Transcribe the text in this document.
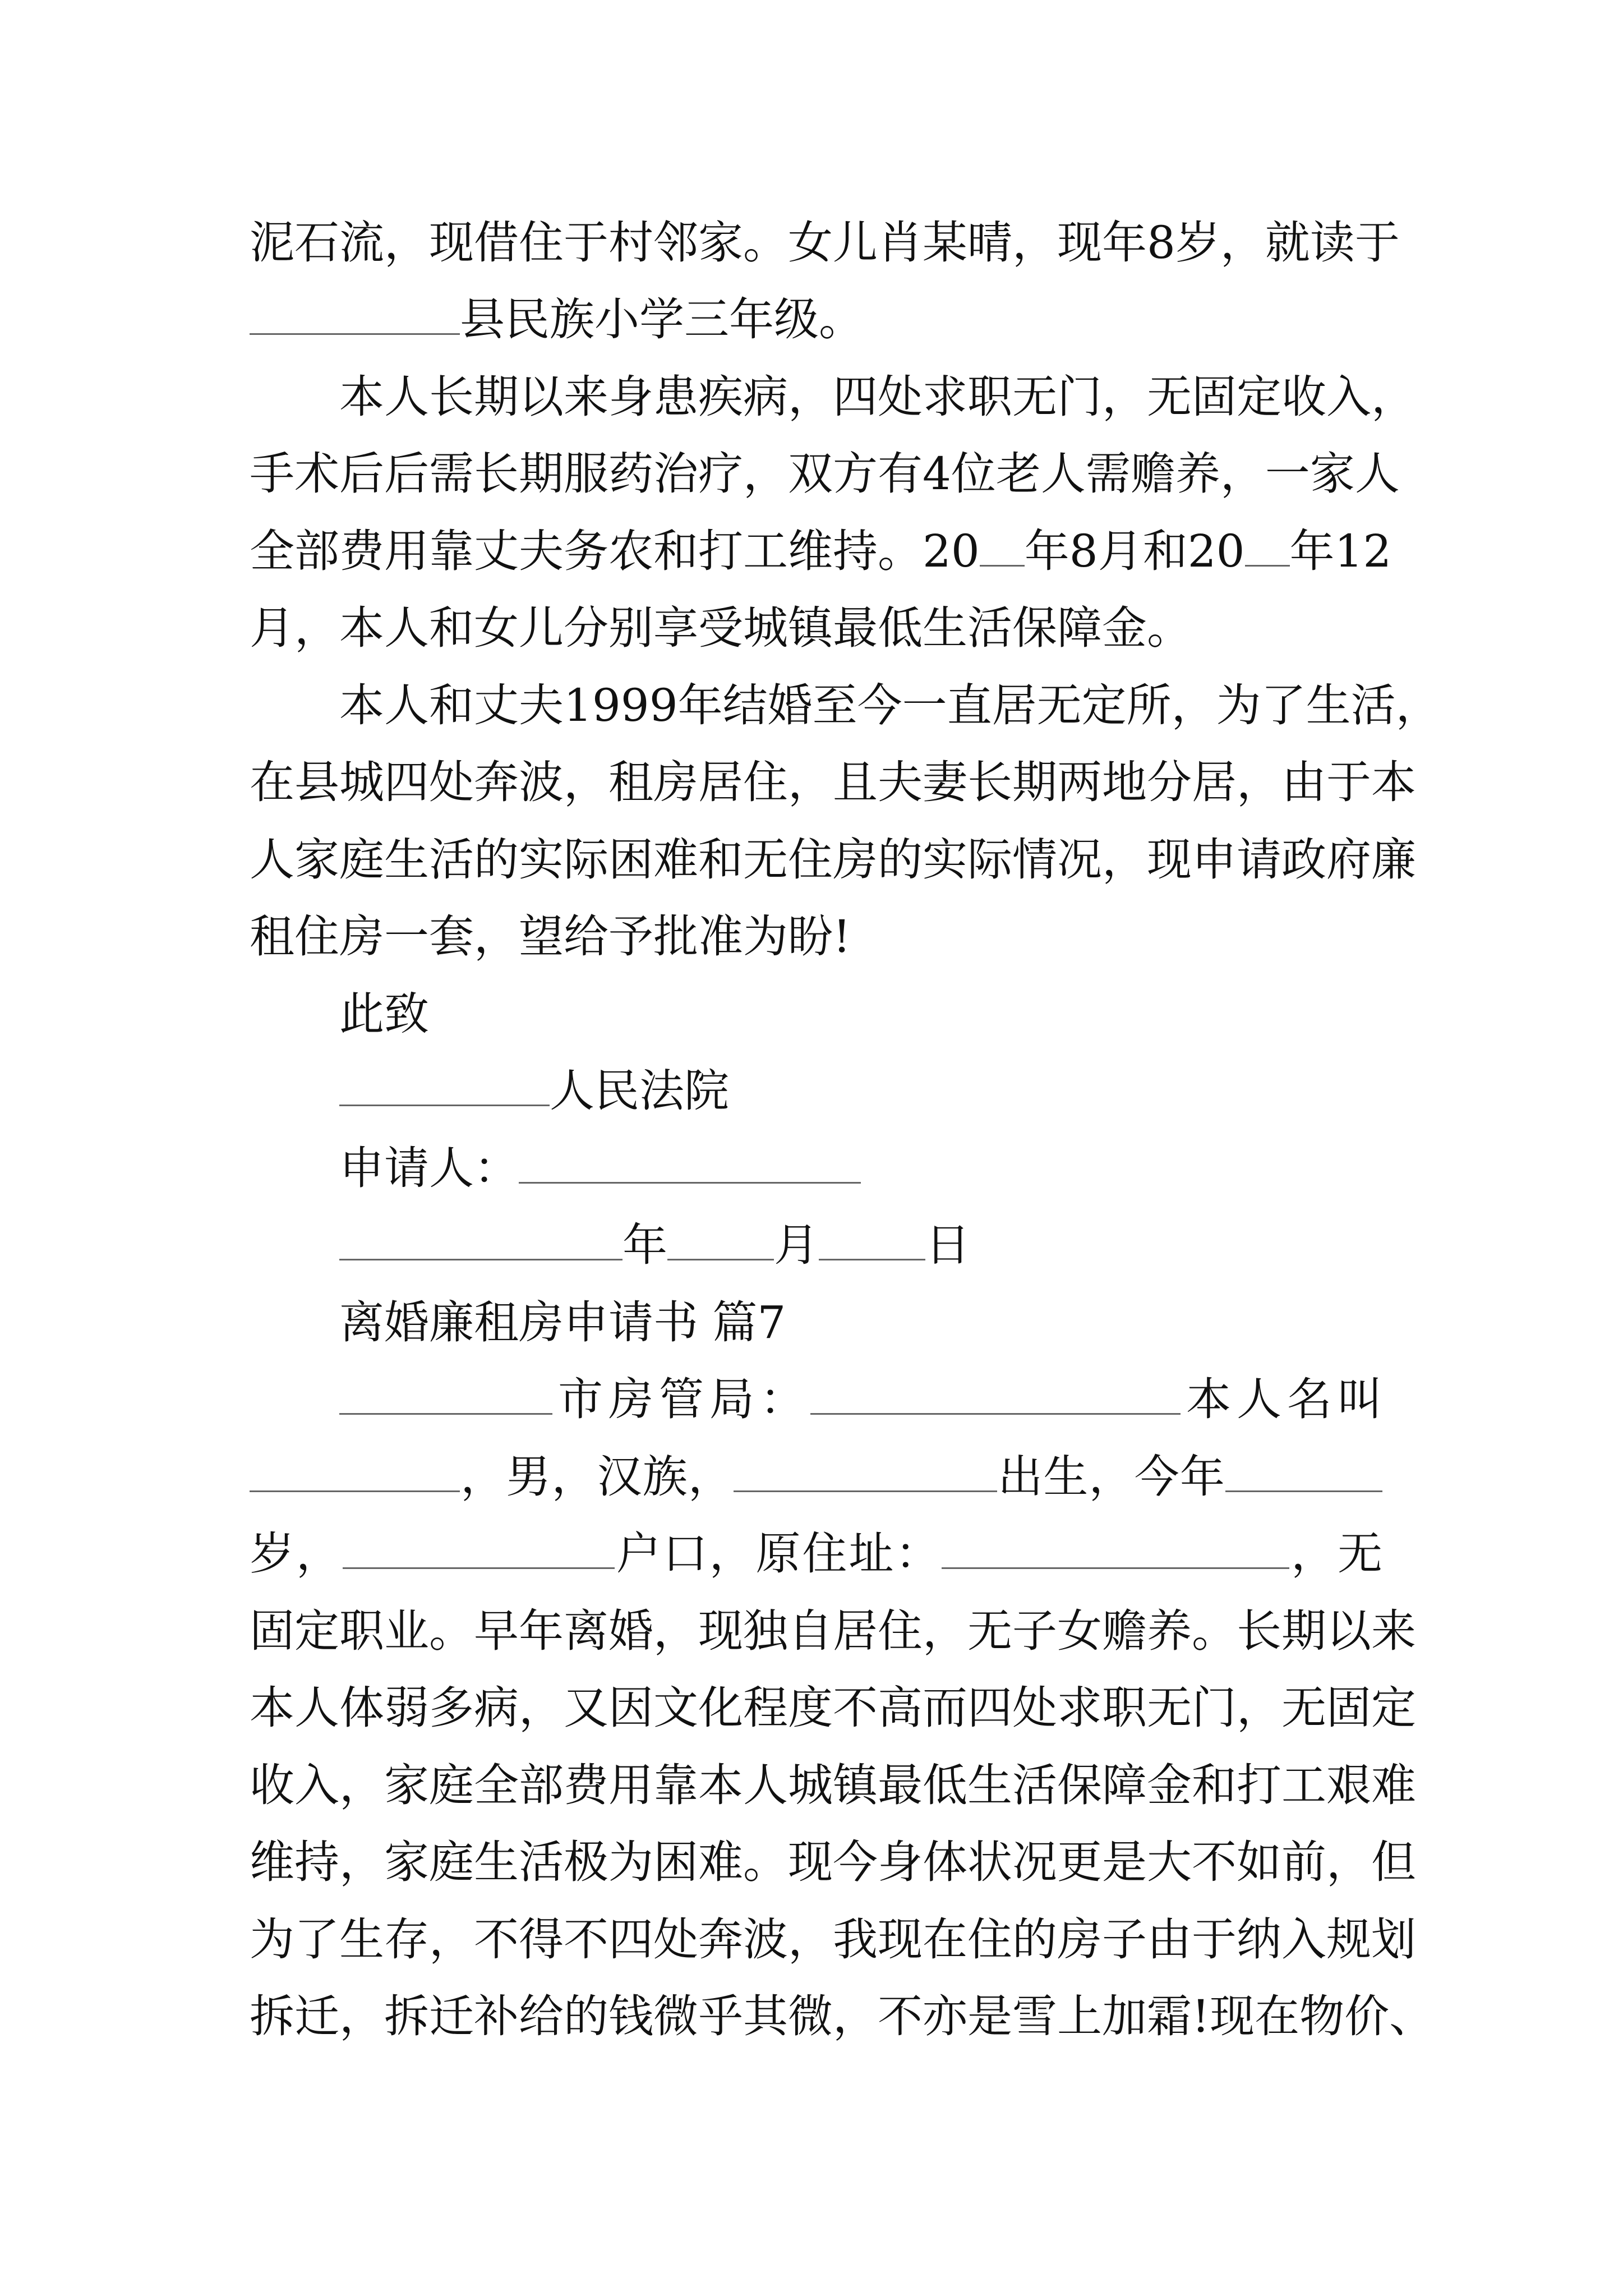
泥石流，现借住于村邻家。女儿肖某晴，现年8岁，就读于
县民族小学三年级。
本人长期以来身患疾病，四处求职无门，无固定收入，
手术后后需长期服药治疗，双方有4位老人需赡养，一家人
全部费用靠丈夫务农和打工维持。20 年8月和20 年12
月，本人和女儿分别享受城镇最低生活保障金。
本人和丈夫1999年结婚至今一直居无定所，为了生活，
在县城四处奔波，租房居住，且夫妻长期两地分居，由于本
人家庭生活的实际困难和无住房的实际情况，现申请政府廉
租住房一套，望给予批准为盼!
此致
人民法院
申请人：
年 月 日
离婚廉租房申请书 篇7
市房管局：	本人名叫
，男，汉族，	出生，今年
岁，	户口，原住址：	，无
固定职业。早年离婚，现独自居住，无子女赡养。长期以来
本人体弱多病，又因文化程度不高而四处求职无门，无固定
收入，家庭全部费用靠本人城镇最低生活保障金和打工艰难
维持，家庭生活极为困难。现今身体状况更是大不如前，但
为了生存，不得不四处奔波，我现在住的房子由于纳入规划
拆迁，拆迁补给的钱微乎其微，不亦是雪上加霜!现在物价、
